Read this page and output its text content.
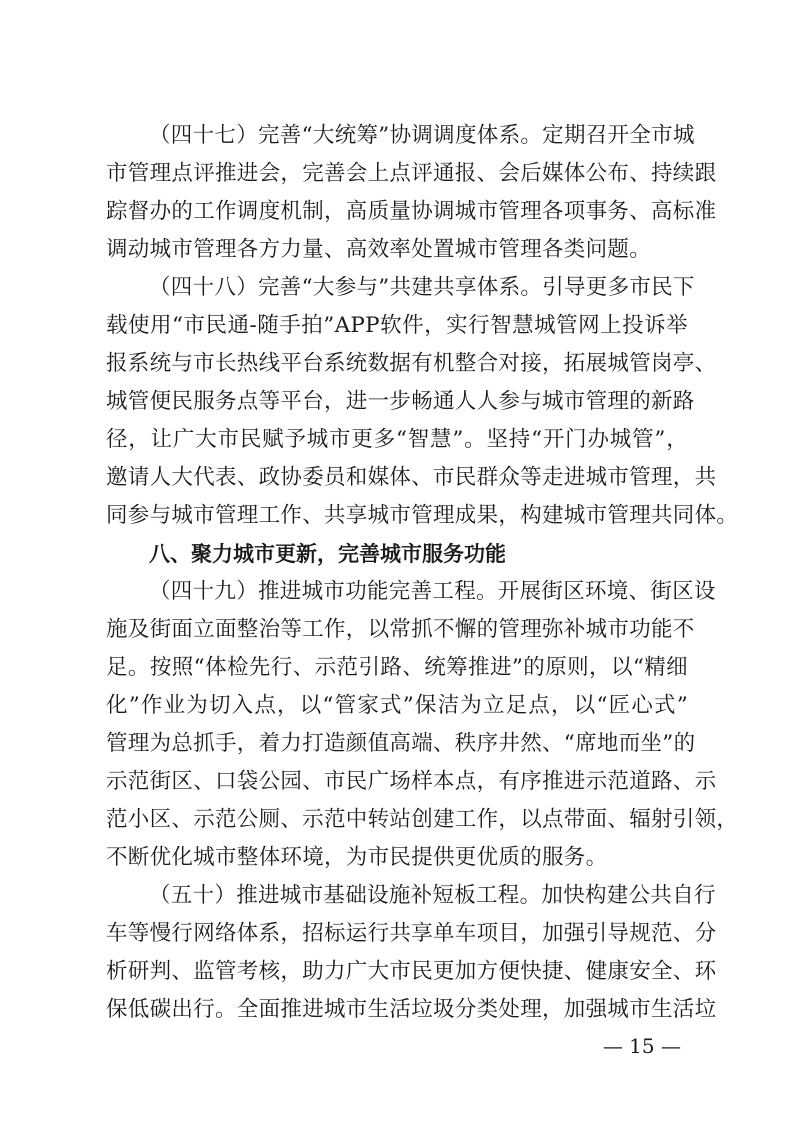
（四十七）完善“大统筹”协调调度体系。定期召开全市城
市管理点评推进会，完善会上点评通报、会后媒体公布、持续跟
踪督办的工作调度机制，高质量协调城市管理各项事务、高标准
调动城市管理各方力量、高效率处置城市管理各类问题。
（四十八）完善“大参与”共建共享体系。引导更多市民下
载使用“市民通-随手拍”APP软件，实行智慧城管网上投诉举
报系统与市长热线平台系统数据有机整合对接，拓展城管岗亭、
城管便民服务点等平台，进一步畅通人人参与城市管理的新路
径，让广大市民赋予城市更多“智慧”。坚持“开门办城管”，
邀请人大代表、政协委员和媒体、市民群众等走进城市管理，共
同参与城市管理工作、共享城市管理成果，构建城市管理共同体。
八、聚力城市更新，完善城市服务功能
（四十九）推进城市功能完善工程。开展街区环境、街区设
施及街面立面整治等工作，以常抓不懈的管理弥补城市功能不
足。按照“体检先行、示范引路、统筹推进”的原则，以“精细
化”作业为切入点，以“管家式”保洁为立足点，以“匠心式”
管理为总抓手，着力打造颜值高端、秩序井然、“席地而坐”的
示范街区、口袋公园、市民广场样本点，有序推进示范道路、示
范小区、示范公厕、示范中转站创建工作，以点带面、辐射引领，
不断优化城市整体环境，为市民提供更优质的服务。
（五十）推进城市基础设施补短板工程。加快构建公共自行
车等慢行网络体系，招标运行共享单车项目，加强引导规范、分
析研判、监管考核，助力广大市民更加方便快捷、健康安全、环
保低碳出行。全面推进城市生活垃圾分类处理，加强城市生活垃
— 15 —
